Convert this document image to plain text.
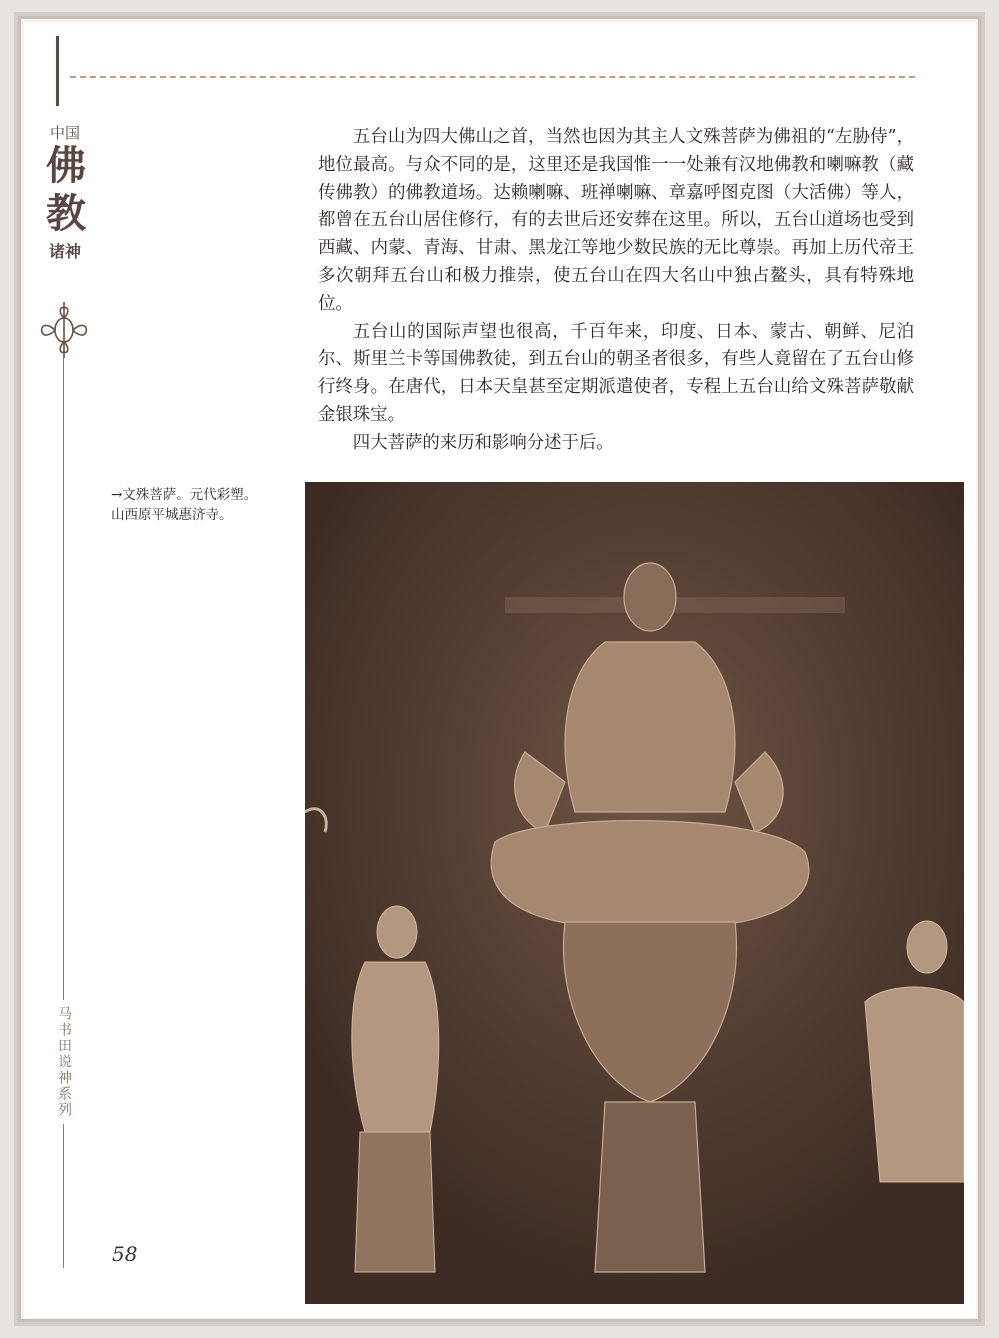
中国
佛
教
诸神
马书田说神系列

五台山为四大佛山之首，当然也因为其主人文殊菩萨为佛祖的“左胁侍”，地位最高。与众不同的是，这里还是我国惟一一处兼有汉地佛教和喇嘛教（藏传佛教）的佛教道场。达赖喇嘛、班禅喇嘛、章嘉呼图克图（大活佛）等人，都曾在五台山居住修行，有的去世后还安葬在这里。所以，五台山道场也受到西藏、内蒙、青海、甘肃、黑龙江等地少数民族的无比尊崇。再加上历代帝王多次朝拜五台山和极力推崇，使五台山在四大名山中独占鳌头，具有特殊地位。

五台山的国际声望也很高，千百年来，印度、日本、蒙古、朝鲜、尼泊尔、斯里兰卡等国佛教徒，到五台山的朝圣者很多，有些人竟留在了五台山修行终身。在唐代，日本天皇甚至定期派遣使者，专程上五台山给文殊菩萨敬献金银珠宝。

四大菩萨的来历和影响分述于后。

→文殊菩萨。元代彩塑。
山西原平城惠济寺。
58
